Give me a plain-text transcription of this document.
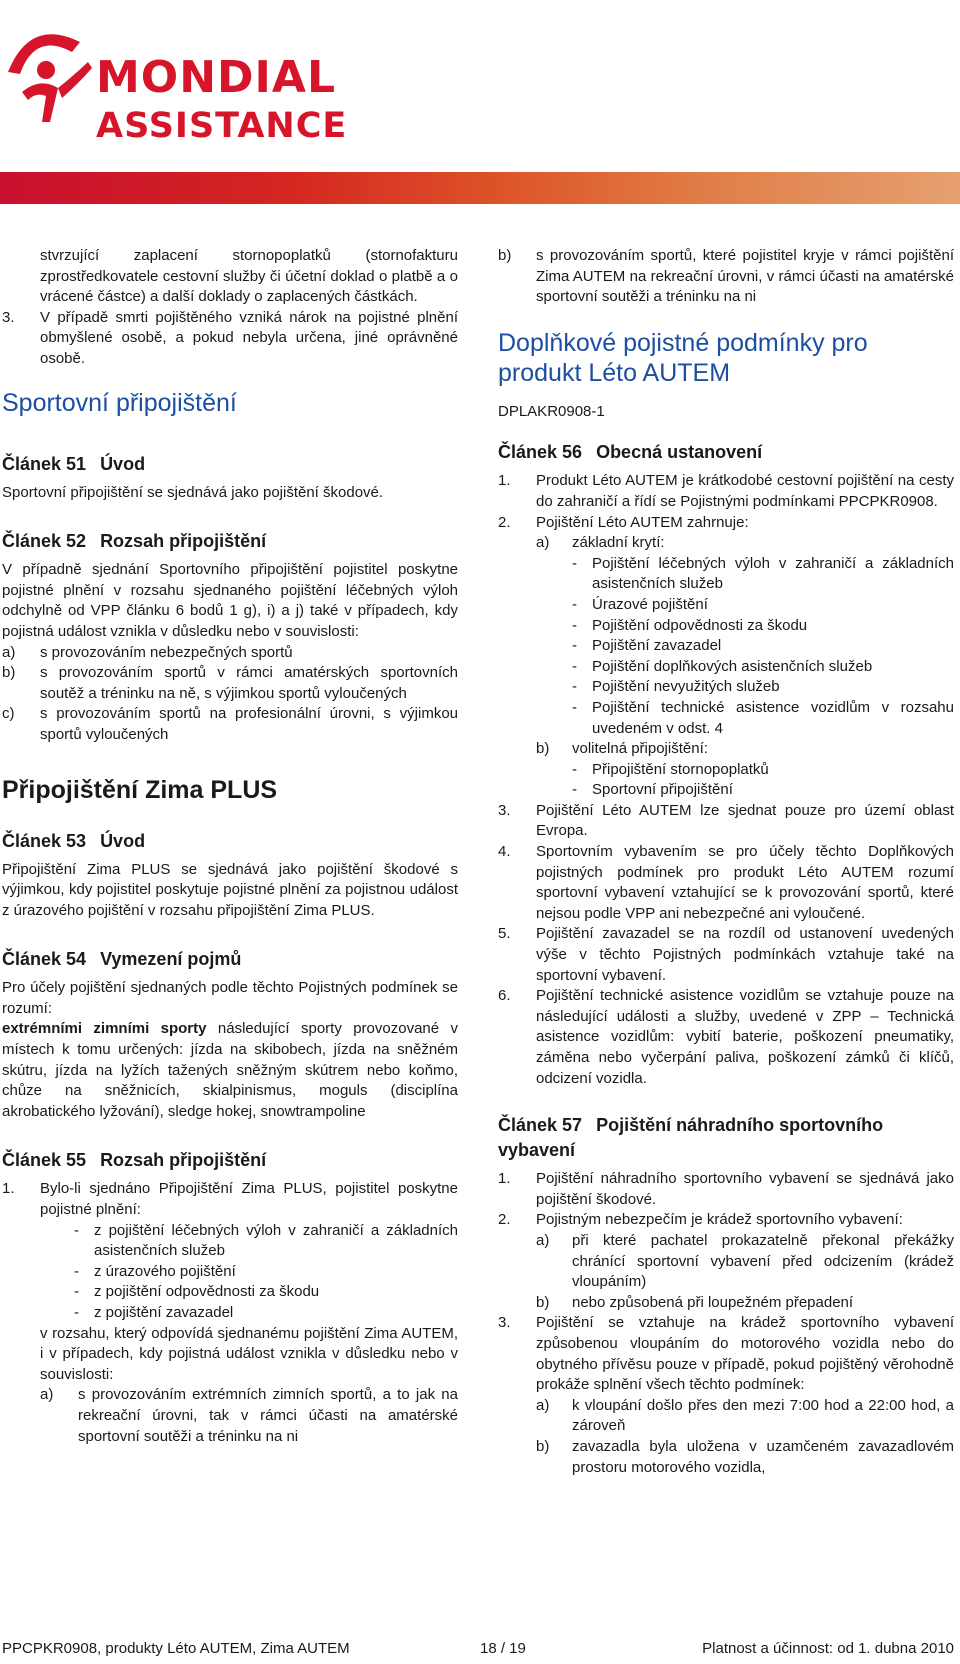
MONDIAL
ASSISTANCE

stvrzující zaplacení stornopoplatků (stornofakturu zprostředkovatele cestovní služby či účetní doklad o platbě a o vrácené částce) a další doklady o zaplacených částkách.

3. V případě smrti pojištěného vzniká nárok na pojistné plnění obmyšlené osobě, a pokud nebyla určena, jiné oprávněné osobě.

Sportovní připojištění
Článek 51 Úvod

Sportovní připojištění se sjednává jako pojištění škodové.

Článek 52 Rozsah připojištění

V případně sjednání Sportovního připojištění pojistitel poskytne pojistné plnění v rozsahu sjednaného pojištění léčebných výloh odchylně od VPP článku 6 bodů 1 g), i) a j) také v případech, kdy pojistná událost vznikla v důsledku nebo v souvislosti:

a) s provozováním nebezpečných sportů

b) s provozováním sportů v rámci amatérských sportovních soutěž a tréninku na ně, s výjimkou sportů vyloučených

c) s provozováním sportů na profesionální úrovni, s výjimkou sportů vyloučených

Připojištění Zima PLUS
Článek 53 Úvod

Připojištění Zima PLUS se sjednává jako pojištění škodové s výjimkou, kdy pojistitel poskytuje pojistné plnění za pojistnou událost z úrazového pojištění v rozsahu připojištění Zima PLUS.

Článek 54 Vymezení pojmů

Pro účely pojištění sjednaných podle těchto Pojistných podmínek se rozumí:

extrémními zimními sporty následující sporty provozované v místech k tomu určených: jízda na skibobech, jízda na sněžném skútru, jízda na lyžích tažených sněžným skútrem nebo koňmo, chůze na sněžnicích, skialpinismus, moguls (disciplína akrobatického lyžování), sledge hokej, snowtrampoline

Článek 55 Rozsah připojištění
1. Bylo-li sjednáno Připojištění Zima PLUS, pojistitel poskytne pojistné plnění:

- z pojištění léčebných výloh v zahraničí a základních asistenčních služeb
- z úrazového pojištění
- z pojištění odpovědnosti za škodu
- z pojištění zavazadel

v rozsahu, který odpovídá sjednanému pojištění Zima AUTEM, i v případech, kdy pojistná událost vznikla v důsledku nebo v souvislosti:

a) s provozováním extrémních zimních sportů, a to jak na rekreační úrovni, tak v rámci účasti na amatérské sportovní soutěži a tréninku na ni

b) s provozováním sportů, které pojistitel kryje v rámci pojištění Zima AUTEM na rekreační úrovni, v rámci účasti na amatérské sportovní soutěži a tréninku na ni

Doplňkové pojistné podmínky pro produkt Léto AUTEM
DPLAKR0908-1
Článek 56 Obecná ustanovení
1. Produkt Léto AUTEM je krátkodobé cestovní pojištění na cesty do zahraničí a řídí se Pojistnými podmínkami PPCPKR0908.

2. Pojištění Léto AUTEM zahrnuje:

a) základní krytí:

- Pojištění léčebných výloh v zahraničí a základních asistenčních služeb
- Úrazové pojištění
- Pojištění odpovědnosti za škodu
- Pojištění zavazadel
- Pojištění doplňkových asistenčních služeb
- Pojištění nevyužitých služeb
- Pojištění technické asistence vozidlům v rozsahu uvedeném v odst. 4
b) volitelná připojištění:

- Připojištění stornopoplatků
- Sportovní připojištění
3. Pojištění Léto AUTEM lze sjednat pouze pro území oblast Evropa.

4. Sportovním vybavením se pro účely těchto Doplňkových pojistných podmínek pro produkt Léto AUTEM rozumí sportovní vybavení vztahující se k provozování sportů, které nejsou podle VPP ani nebezpečné ani vyloučené.

5. Pojištění zavazadel se na rozdíl od ustanovení uvedených výše v těchto Pojistných podmínkách vztahuje také na sportovní vybavení.

6. Pojištění technické asistence vozidlům se vztahuje pouze na následující události a služby, uvedené v ZPP – Technická asistence vozidlům: vybití baterie, poškození pneumatiky, záměna nebo vyčerpání paliva, poškození zámků či klíčů, odcizení vozidla.

Článek 57 Pojištění náhradního sportovního vybavení
1. Pojištění náhradního sportovního vybavení se sjednává jako pojištění škodové.

2. Pojistným nebezpečím je krádež sportovního vybavení:

a) při které pachatel prokazatelně překonal překážky chránící sportovní vybavení před odcizením (krádež vloupáním)

b) nebo způsobená při loupežném přepadení

3. Pojištění se vztahuje na krádež sportovního vybavení způsobenou vloupáním do motorového vozidla nebo do obytného přívěsu pouze v případě, pokud pojištěný věrohodně prokáže splnění všech těchto podmínek:

a) k vloupání došlo přes den mezi 7:00 hod a 22:00 hod, a zároveň

b) zavazadla byla uložena v uzamčeném zavazadlovém prostoru motorového vozidla,

PPCPKR0908, produkty Léto AUTEM, Zima AUTEM	18 / 19	Platnost a účinnost: od 1. dubna 2010
